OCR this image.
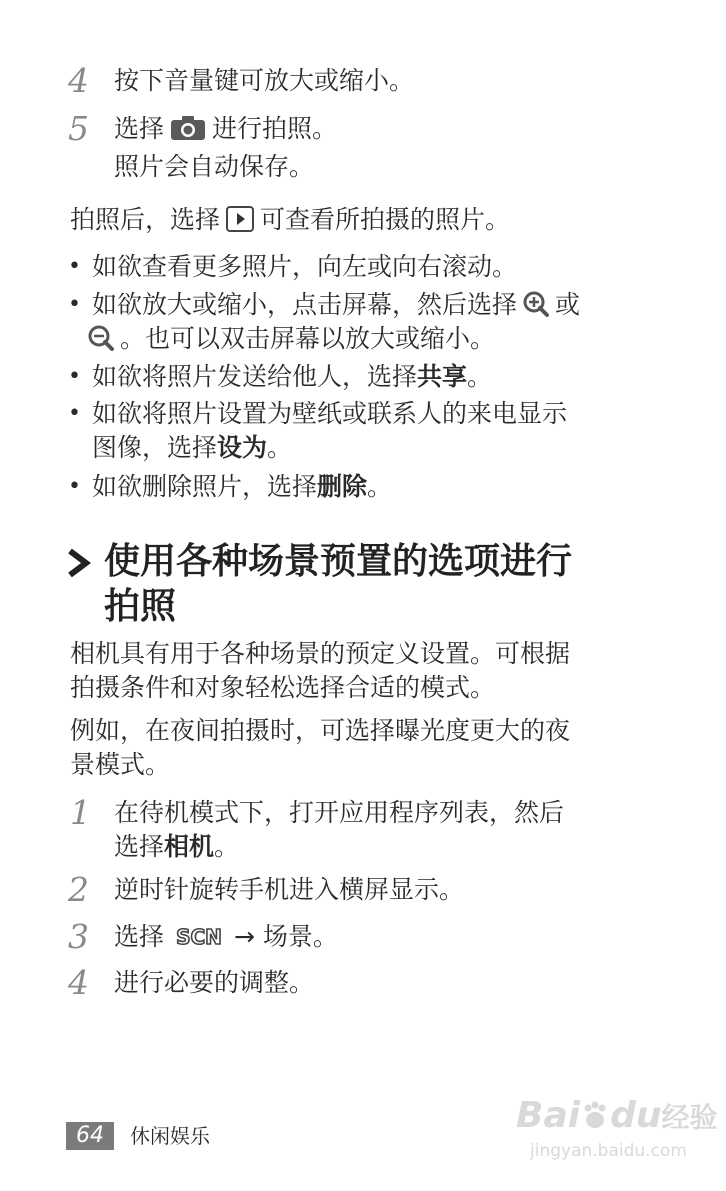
4 按下音量键可放大或缩小。
5 选择 进行拍照。
照片会自动保存。
拍照后，选择 可查看所拍摄的照片。
• 如欲查看更多照片，向左或向右滚动。
• 如欲放大或缩小，点击屏幕，然后选择 或
。也可以双击屏幕以放大或缩小。
• 如欲将照片发送给他人，选择共享。
• 如欲将照片设置为壁纸或联系人的来电显示
图像，选择设为。
• 如欲删除照片，选择删除。
使用各种场景预置的选项进行
拍照
相机具有用于各种场景的预定义设置。可根据
拍摄条件和对象轻松选择合适的模式。
例如，在夜间拍摄时，可选择曝光度更大的夜
景模式。
1 在待机模式下，打开应用程序列表，然后
选择相机。
2 逆时针旋转手机进入横屏显示。
3 选择 SCN → 场景。
4 进行必要的调整。
64	休闲娱乐	Bai du经验
jingyan.baidu.com
